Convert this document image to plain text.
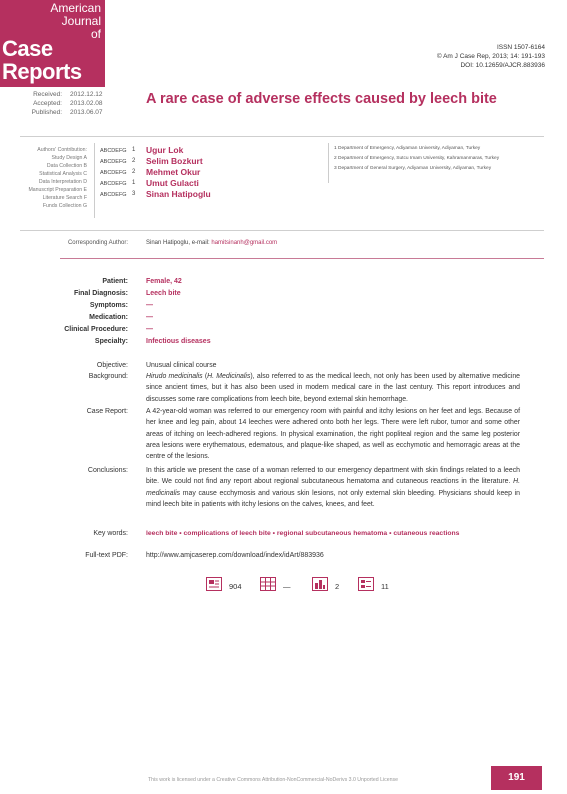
American
Journal
of
Case
Reports
ISSN 1507-6164
© Am J Case Rep, 2013; 14: 191-193
DOI: 10.12659/AJCR.883936
Received: 2012.12.12
Accepted: 2013.02.08
Published: 2013.06.07
A rare case of adverse effects caused by leech bite
Authors' Contribution:
Study Design A
Data Collection B
Statistical Analysis C
Data Interpretation D
Manuscript Preparation E
Literature Search F
Funds Collection G
ABCDEFG 1 Ugur Lok
ABCDEFG 2 Selim Bozkurt
ABCDEFG 2 Mehmet Okur
ABCDEFG 1 Umut Gulacti
ABCDEFG 3 Sinan Hatipoglu
1 Department of Emergency, Adiyaman University, Adiyaman, Turkey
2 Department of Emergency, Sutcu Imam University, Kahramanmaras, Turkey
3 Department of General Surgery, Adiyaman University, Adiyaman, Turkey
Corresponding Author:	Sinan Hatipoglu, e-mail: hamitsinanh@gmail.com
Patient:	Female, 42
Final Diagnosis:	Leech bite
Symptoms:	—
Medication:	—
Clinical Procedure:	—
Specialty:	Infectious diseases
Objective:	Unusual clinical course
Background:	Hirudo medicinalis (H. Medicinalis), also referred to as the medical leech, not only has been used by alternative medicine since ancient times, but it has also been used in modern medical care in the last century. This report introduces and discusses some rare complications from leech bite, beyond external skin hemorrhage.
Case Report:	A 42-year-old woman was referred to our emergency room with painful and itchy lesions on her feet and legs. Because of her knee and leg pain, about 14 leeches were adhered onto both her legs. There were left rubor, tumor and some other areas of itching on leech-adhered regions. In physical examination, the right popliteal region and the same leg posterior area lesions were erythematous, edematous, and plaque-like shaped, as well as ecchymotic and hemorragic areas at the centre of the lesions.
Conclusions:	In this article we present the case of a woman referred to our emergency department with skin findings related to a leech bite. We could not find any report about regional subcutaneous hematoma and cutaneous reactions in the literature. H. medicinalis may cause ecchymosis and various skin lesions, not only external skin bleeding. Physicians should keep in mind leech bite in patients with itchy lesions on the calves, knees, and feet.
Key words:	leech bite • complications of leech bite • regional subcutaneous hematoma • cutaneous reactions
Full-text PDF:	http://www.amjcaserep.com/download/index/idArt/883936
904	—	2	11
This work is licensed under a Creative Commons Attribution-NonCommercial-NoDerivs 3.0 Unported License	191
